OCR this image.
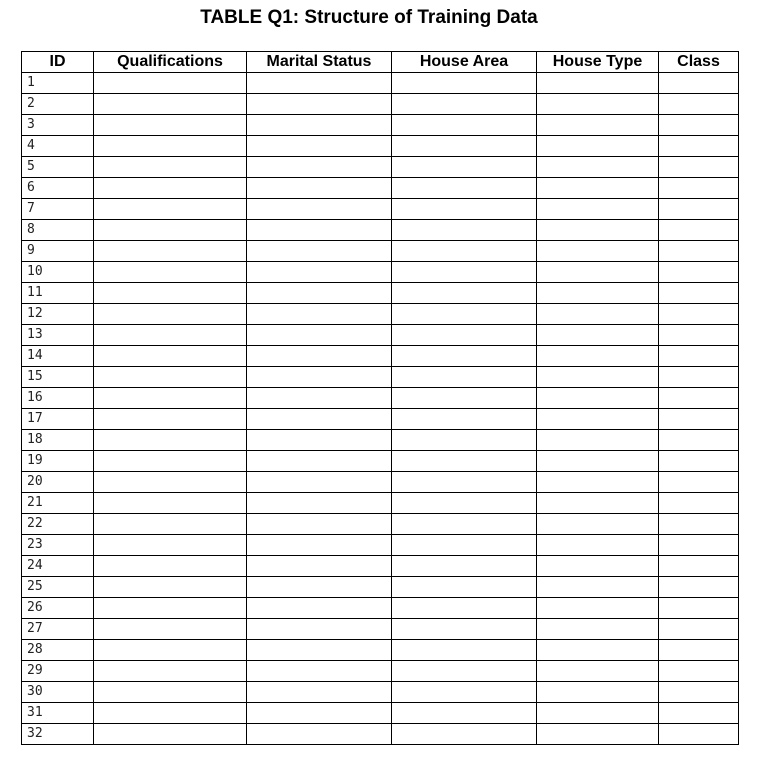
TABLE Q1: Structure of Training Data
ID	Qualifications	Marital Status	House Area	House Type	Class
1					
2					
3					
4					
5					
6					
7					
8					
9					
10					
11					
12					
13					
14					
15					
16					
17					
18					
19					
20					
21					
22					
23					
24					
25					
26					
27					
28					
29					
30					
31					
32					
